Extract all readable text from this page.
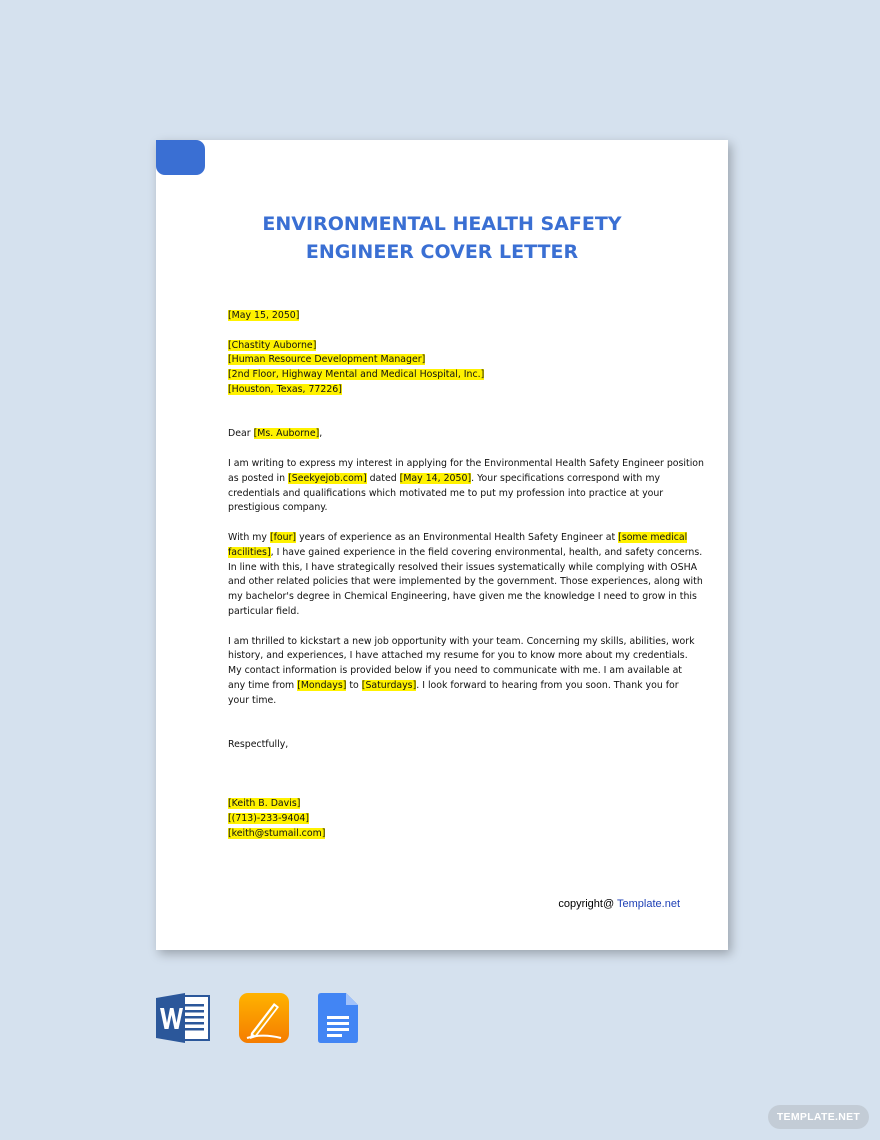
ENVIRONMENTAL HEALTH SAFETY
ENGINEER COVER LETTER
[May 15, 2050]
[Chastity Auborne]
[Human Resource Development Manager]
[2nd Floor, Highway Mental and Medical Hospital, Inc.]
[Houston, Texas, 77226]
Dear [Ms. Auborne],

I am writing to express my interest in applying for the Environmental Health Safety Engineer position
as posted in [Seekyejob.com] dated [May 14, 2050]. Your specifications correspond with my
credentials and qualifications which motivated me to put my profession into practice at your
prestigious company.

With my [four] years of experience as an Environmental Health Safety Engineer at [some medical
facilities], I have gained experience in the field covering environmental, health, and safety concerns.
In line with this, I have strategically resolved their issues systematically while complying with OSHA
and other related policies that were implemented by the government. Those experiences, along with
my bachelor's degree in Chemical Engineering, have given me the knowledge I need to grow in this
particular field.

I am thrilled to kickstart a new job opportunity with your team. Concerning my skills, abilities, work
history, and experiences, I have attached my resume for you to know more about my credentials.
My contact information is provided below if you need to communicate with me. I am available at
any time from [Mondays] to [Saturdays]. I look forward to hearing from you soon. Thank you for
your time.

Respectfully,
[Keith B. Davis]
[(713)-233-9404]
[keith@stumail.com]
copyright@ Template.net
TEMPLATE.NET
